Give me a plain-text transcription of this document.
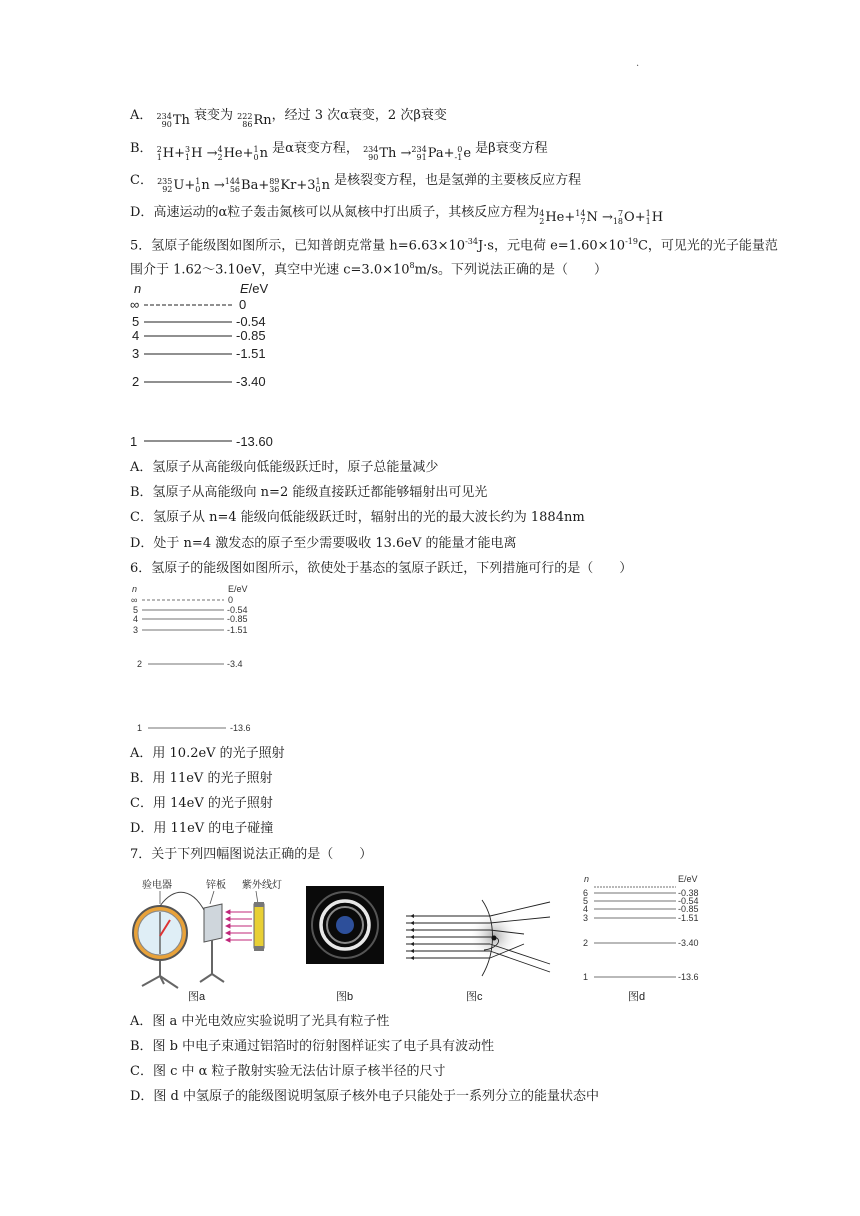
.
A． 234
90 Th 衰变为 222
86 Rn，经过 3 次α衰变，2 次β衰变
B． 2
1 H+ 3
1 H → 4
2 He+ 1
0 n 是α衰变方程， 234
90 Th → 234
91 Pa+ 0
-1 e 是β衰变方程
C． 235
92 U+ 1
0 n → 144
56 Ba+ 89
36 Kr+3 1
0 n 是核裂变方程，也是氢弹的主要核反应方程
D．高速运动的α粒子轰击氮核可以从氮核中打出质子，其核反应方程为 4
2 He+ 14
7 N → 7
18 O+ 1
1 H
5．氢原子能级图如图所示，已知普朗克常量 $h=6.63\times 10^{-34}J\cdot s$，元电荷 $e=1.60\times 10^{-19}C$，可见光的光子能量范
围介于 1.62～3.10eV，真空中光速 $c=3.0\times 10^8m/s$。下列说法正确的是（　　）
n	E/eV
∞	0
5	-0.54
4	-0.85
3	-1.51
2	-3.40
1	-13.60
A．氢原子从高能级向低能级跃迁时，原子总能量减少
B．氢原子从高能级向 n=2 能级直接跃迁都能够辐射出可见光
C．氢原子从 n=4 能级向低能级跃迁时，辐射出的光的最大波长约为 1884nm
D．处于 n=4 激发态的原子至少需要吸收 13.6eV 的能量才能电离
6．氢原子的能级图如图所示，欲使处于基态的氢原子跃迁，下列措施可行的是（　　）
n	E/eV
∞	0
5	-0.54
4	-0.85
3	-1.51
2	-3.4
1	-13.6
A．用 10.2eV 的光子照射
B．用 11eV 的光子照射
C．用 14eV 的光子照射
D．用 11eV 的电子碰撞
7．关于下列四幅图说法正确的是（　　）
验电器	锌板 紫外线灯
图a	图b	图c
n	E/eV
6	-0.38
5	-0.54
4	-0.85
3	-1.51
2	-3.40
1	-13.6
图d
A．图 a 中光电效应实验说明了光具有粒子性
B．图 b 中电子束通过铝箔时的衍射图样证实了电子具有波动性
C．图 c 中 α 粒子散射实验无法估计原子核半径的尺寸
D．图 d 中氢原子的能级图说明氢原子核外电子只能处于一系列分立的能量状态中
